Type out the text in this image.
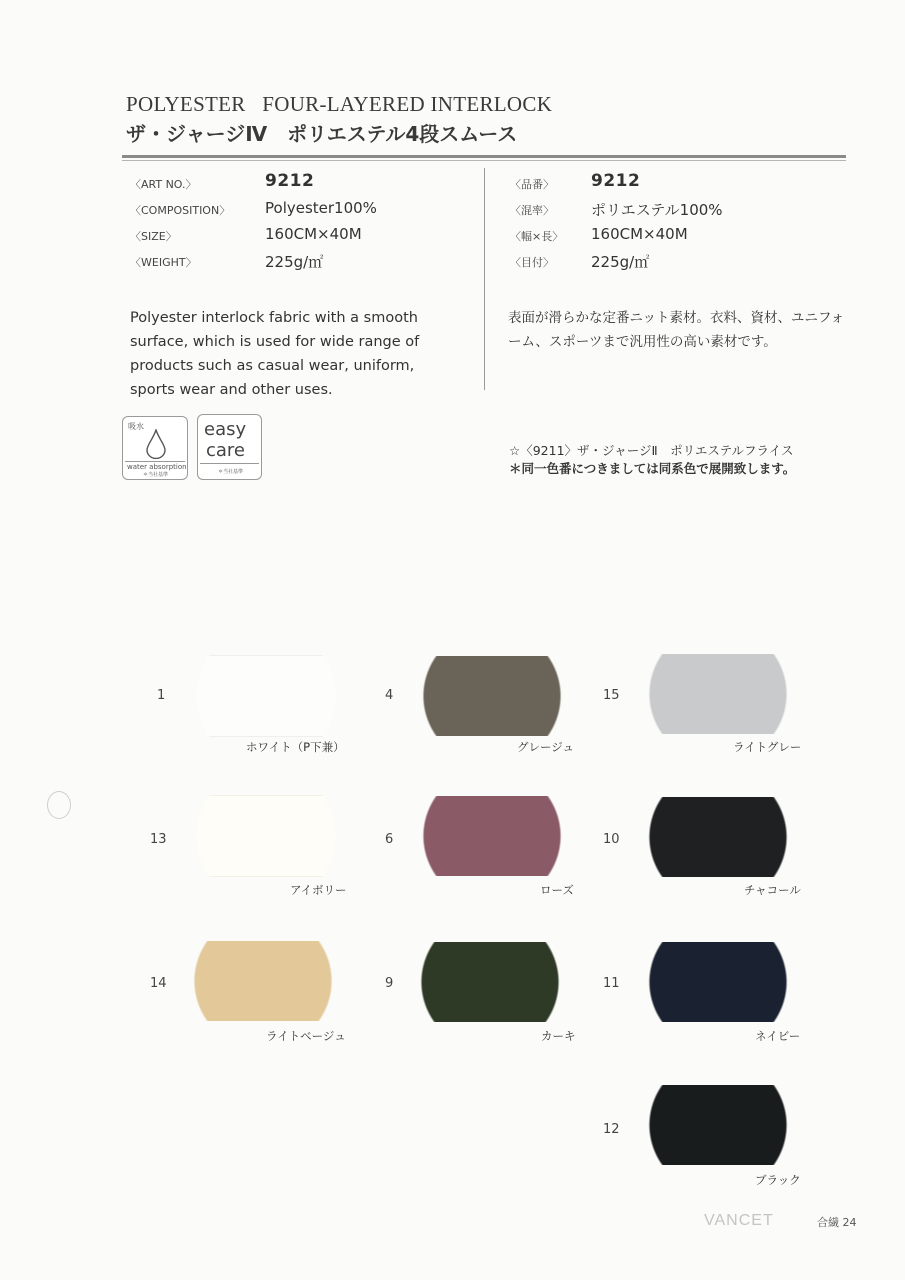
POLYESTER   FOUR-LAYERED INTERLOCK
ザ・ジャージⅣ　ポリエステル4段スムース
〈ART NO.〉	9212
〈COMPOSITION〉 Polyester100%
〈SIZE〉	160CM×40M
〈WEIGHT〉	225g/㎡
〈品番〉 9212
〈混率〉 ポリエステル100%
〈幅×長〉 160CM×40M
〈目付〉 225g/㎡
Polyester interlock fabric with a smooth surface, which is used for wide range of products such as casual wear, uniform, sports wear and other uses.
表面が滑らかな定番ニット素材。衣料、資材、ユニフォーム、スポーツまで汎用性の高い素材です。
☆〈9211〉ザ・ジャージⅡ　ポリエステルフライス
＊同一色番につきましては同系色で展開致します。
吸水
water absorption
＊当社基準
easy
care
＊当社基準
1
ホワイト（P下兼）
13
アイボリー
14
ライトベージュ
4
グレージュ
6
ローズ
9
カーキ
15
ライトグレー
10
チャコール
11
ネイビー
12
ブラック
VANCET	合繊 24
